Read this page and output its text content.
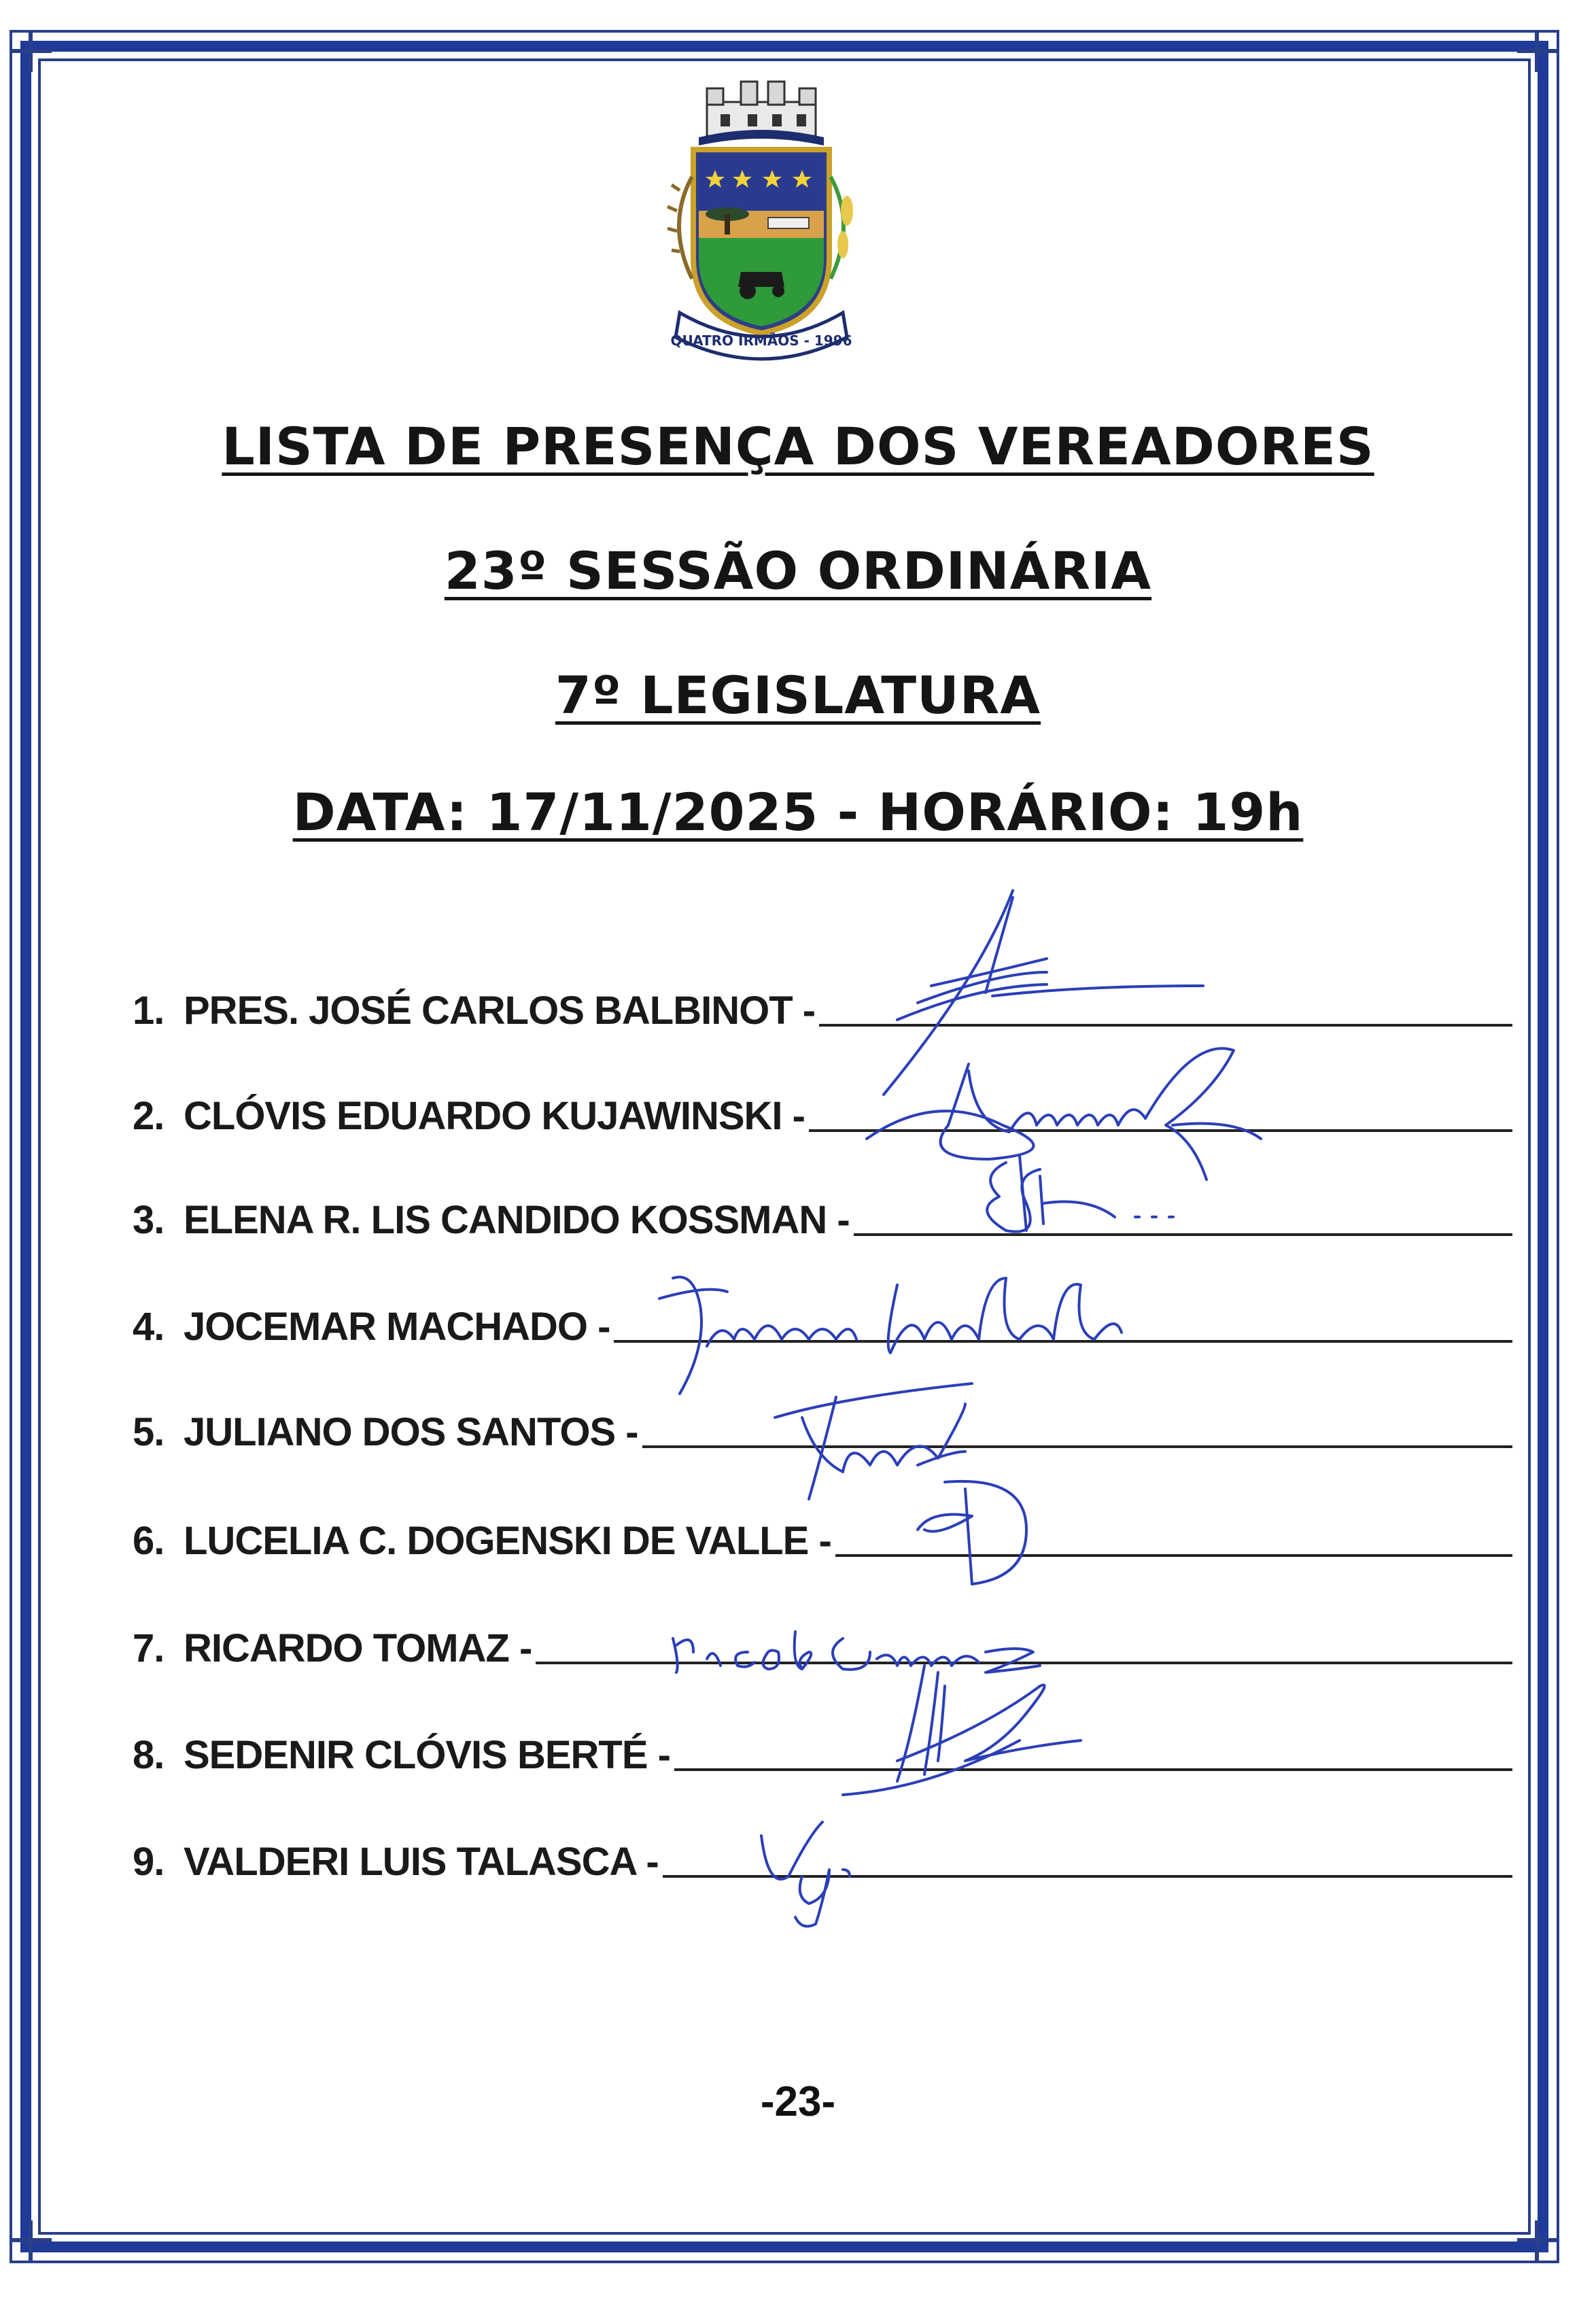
QUATRO IRMÃOS - 1996
LISTA DE PRESENÇA DOS VEREADORES
23º SESSÃO ORDINÁRIA
7º LEGISLATURA
DATA: 17/11/2025 - HORÁRIO: 19h
1. PRES. JOSÉ CARLOS BALBINOT -
2. CLÓVIS EDUARDO KUJAWINSKI -
3. ELENA R. LIS CANDIDO KOSSMAN -
4. JOCEMAR MACHADO -
5. JULIANO DOS SANTOS -
6. LUCELIA C. DOGENSKI DE VALLE -
7. RICARDO TOMAZ -
8. SEDENIR CLÓVIS BERTÉ -
9. VALDERI LUIS TALASCA -
-23-
